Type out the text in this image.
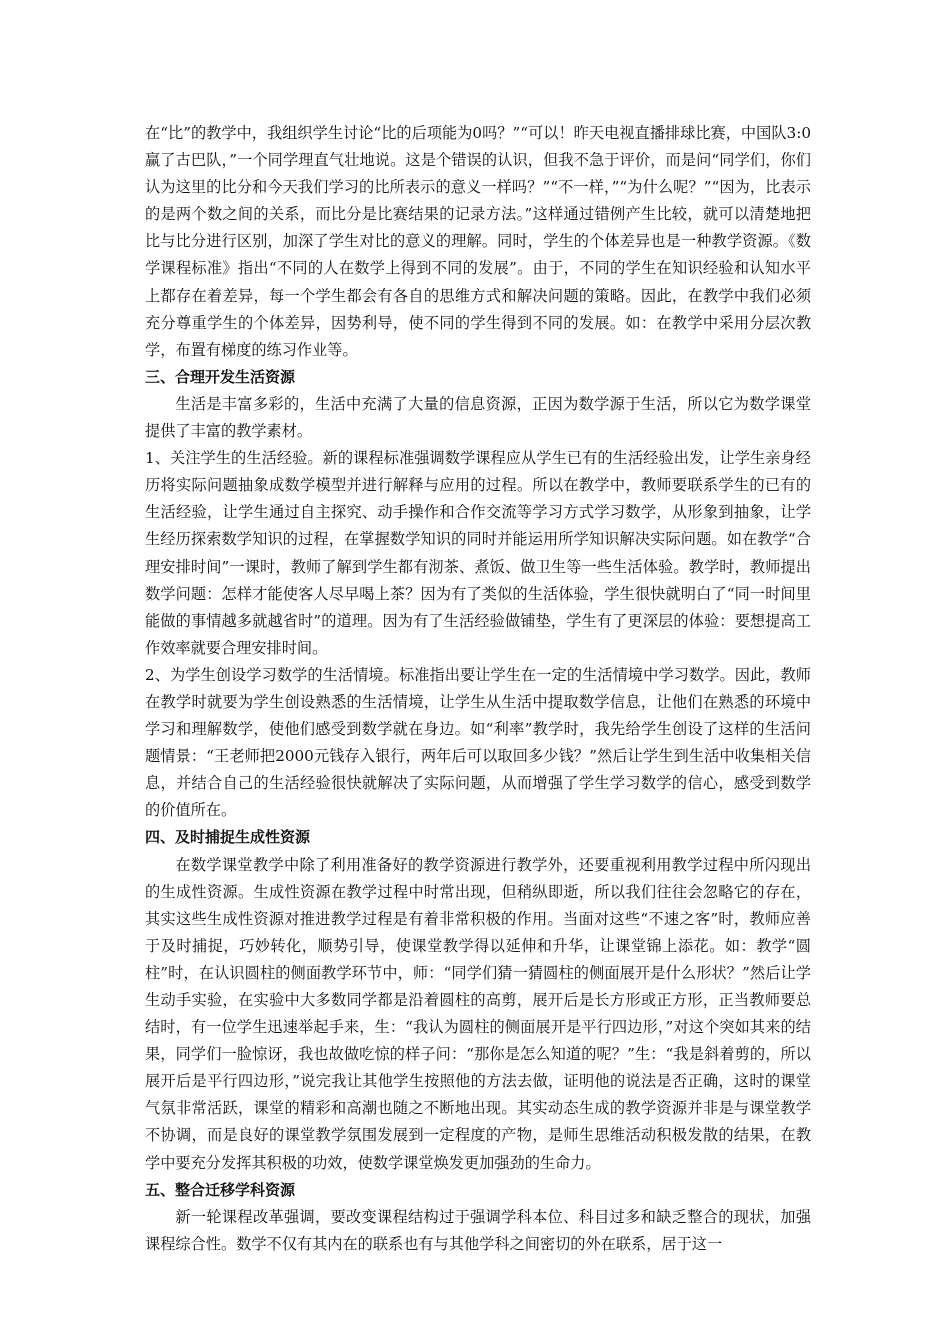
在“比”的教学中，我组织学生讨论“比的后项能为0吗？”“可以！昨天电视直播排球比赛，中国队3:0赢了古巴队，”一个同学理直气壮地说。这是个错误的认识，但我不急于评价，而是问“同学们，你们认为这里的比分和今天我们学习的比所表示的意义一样吗？”“不一样，”“为什么呢？”“因为，比表示的是两个数之间的关系，而比分是比赛结果的记录方法。”这样通过错例产生比较，就可以清楚地把比与比分进行区别，加深了学生对比的意义的理解。同时，学生的个体差异也是一种教学资源。《数学课程标准》指出“不同的人在数学上得到不同的发展”。由于，不同的学生在知识经验和认知水平上都存在着差异，每一个学生都会有各自的思维方式和解决问题的策略。因此，在教学中我们必须充分尊重学生的个体差异，因势利导，使不同的学生得到不同的发展。如：在教学中采用分层次教学，布置有梯度的练习作业等。

三、合理开发生活资源

生活是丰富多彩的，生活中充满了大量的信息资源，正因为数学源于生活，所以它为数学课堂提供了丰富的教学素材。

1、关注学生的生活经验。新的课程标准强调数学课程应从学生已有的生活经验出发，让学生亲身经历将实际问题抽象成数学模型并进行解释与应用的过程。所以在教学中，教师要联系学生的已有的生活经验，让学生通过自主探究、动手操作和合作交流等学习方式学习数学，从形象到抽象，让学生经历探索数学知识的过程，在掌握数学知识的同时并能运用所学知识解决实际问题。如在教学“合理安排时间”一课时，教师了解到学生都有沏茶、煮饭、做卫生等一些生活体验。教学时，教师提出数学问题：怎样才能使客人尽早喝上茶？因为有了类似的生活体验，学生很快就明白了“同一时间里能做的事情越多就越省时”的道理。因为有了生活经验做铺垫，学生有了更深层的体验：要想提高工作效率就要合理安排时间。

2、为学生创设学习数学的生活情境。标准指出要让学生在一定的生活情境中学习数学。因此，教师在教学时就要为学生创设熟悉的生活情境，让学生从生活中提取数学信息，让他们在熟悉的环境中学习和理解数学，使他们感受到数学就在身边。如“利率”教学时，我先给学生创设了这样的生活问题情景：“王老师把2000元钱存入银行，两年后可以取回多少钱？”然后让学生到生活中收集相关信息，并结合自己的生活经验很快就解决了实际问题，从而增强了学生学习数学的信心，感受到数学的价值所在。

四、及时捕捉生成性资源

在数学课堂教学中除了利用准备好的教学资源进行教学外，还要重视利用教学过程中所闪现出的生成性资源。生成性资源在教学过程中时常出现，但稍纵即逝，所以我们往往会忽略它的存在，其实这些生成性资源对推进教学过程是有着非常积极的作用。当面对这些“不速之客”时，教师应善于及时捕捉，巧妙转化，顺势引导，使课堂教学得以延伸和升华，让课堂锦上添花。如：教学“圆柱”时，在认识圆柱的侧面教学环节中，师：“同学们猜一猜圆柱的侧面展开是什么形状？”然后让学生动手实验，在实验中大多数同学都是沿着圆柱的高剪，展开后是长方形或正方形，正当教师要总结时，有一位学生迅速举起手来，生：“我认为圆柱的侧面展开是平行四边形，”对这个突如其来的结果，同学们一脸惊讶，我也故做吃惊的样子问：“那你是怎么知道的呢？”生：“我是斜着剪的，所以展开后是平行四边形，”说完我让其他学生按照他的方法去做，证明他的说法是否正确，这时的课堂气氛非常活跃，课堂的精彩和高潮也随之不断地出现。其实动态生成的教学资源并非是与课堂教学不协调，而是良好的课堂教学氛围发展到一定程度的产物，是师生思维活动积极发散的结果，在教学中要充分发挥其积极的功效，使数学课堂焕发更加强劲的生命力。

五、整合迁移学科资源

新一轮课程改革强调，要改变课程结构过于强调学科本位、科目过多和缺乏整合的现状，加强课程综合性。数学不仅有其内在的联系也有与其他学科之间密切的外在联系，居于这一
